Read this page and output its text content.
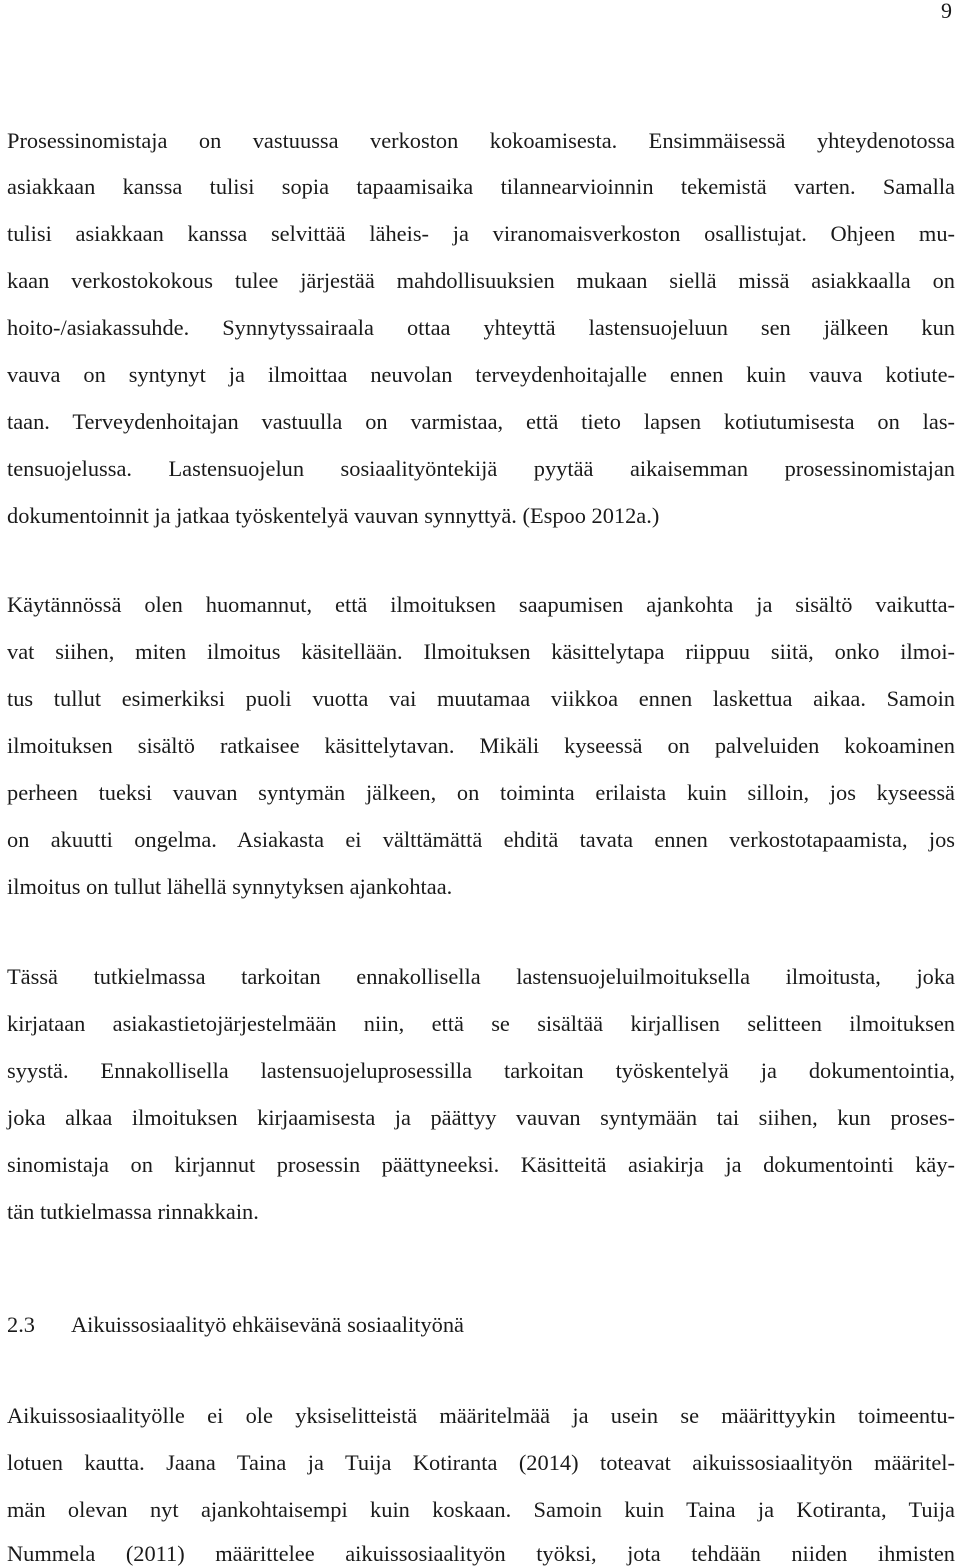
9
Prosessinomistaja on vastuussa verkoston kokoamisesta. Ensimmäisessä yhteydenotossa
asiakkaan kanssa tulisi sopia tapaamisaika tilannearvioinnin tekemistä varten. Samalla
tulisi asiakkaan kanssa selvittää läheis- ja viranomaisverkoston osallistujat. Ohjeen mu-
kaan verkostokokous tulee järjestää mahdollisuuksien mukaan siellä missä asiakkaalla on
hoito-/asiakassuhde. Synnytyssairaala ottaa yhteyttä lastensuojeluun sen jälkeen kun
vauva on syntynyt ja ilmoittaa neuvolan terveydenhoitajalle ennen kuin vauva kotiute-
taan. Terveydenhoitajan vastuulla on varmistaa, että tieto lapsen kotiutumisesta on las-
tensuojelussa. Lastensuojelun sosiaalityöntekijä pyytää aikaisemman prosessinomistajan
dokumentoinnit ja jatkaa työskentelyä vauvan synnyttyä. (Espoo 2012a.)
Käytännössä olen huomannut, että ilmoituksen saapumisen ajankohta ja sisältö vaikutta-
vat siihen, miten ilmoitus käsitellään. Ilmoituksen käsittelytapa riippuu siitä, onko ilmoi-
tus tullut esimerkiksi puoli vuotta vai muutamaa viikkoa ennen laskettua aikaa. Samoin
ilmoituksen sisältö ratkaisee käsittelytavan. Mikäli kyseessä on palveluiden kokoaminen
perheen tueksi vauvan syntymän jälkeen, on toiminta erilaista kuin silloin, jos kyseessä
on akuutti ongelma. Asiakasta ei välttämättä ehditä tavata ennen verkostotapaamista, jos
ilmoitus on tullut lähellä synnytyksen ajankohtaa.
Tässä tutkielmassa tarkoitan ennakollisella lastensuojeluilmoituksella ilmoitusta, joka
kirjataan asiakastietojärjestelmään niin, että se sisältää kirjallisen selitteen ilmoituksen
syystä. Ennakollisella lastensuojeluprosessilla tarkoitan työskentelyä ja dokumentointia,
joka alkaa ilmoituksen kirjaamisesta ja päättyy vauvan syntymään tai siihen, kun proses-
sinomistaja on kirjannut prosessin päättyneeksi. Käsitteitä asiakirja ja dokumentointi käy-
tän tutkielmassa rinnakkain.
2.3 Aikuissosiaalityö ehkäisevänä sosiaalityönä
Aikuissosiaalityölle ei ole yksiselitteistä määritelmää ja usein se määrittyykin toimeentu-
lotuen kautta. Jaana Taina ja Tuija Kotiranta (2014) toteavat aikuissosiaalityön määritel-
män olevan nyt ajankohtaisempi kuin koskaan. Samoin kuin Taina ja Kotiranta, Tuija
Nummela (2011) määrittelee aikuissosiaalityön työksi, jota tehdään niiden ihmisten
